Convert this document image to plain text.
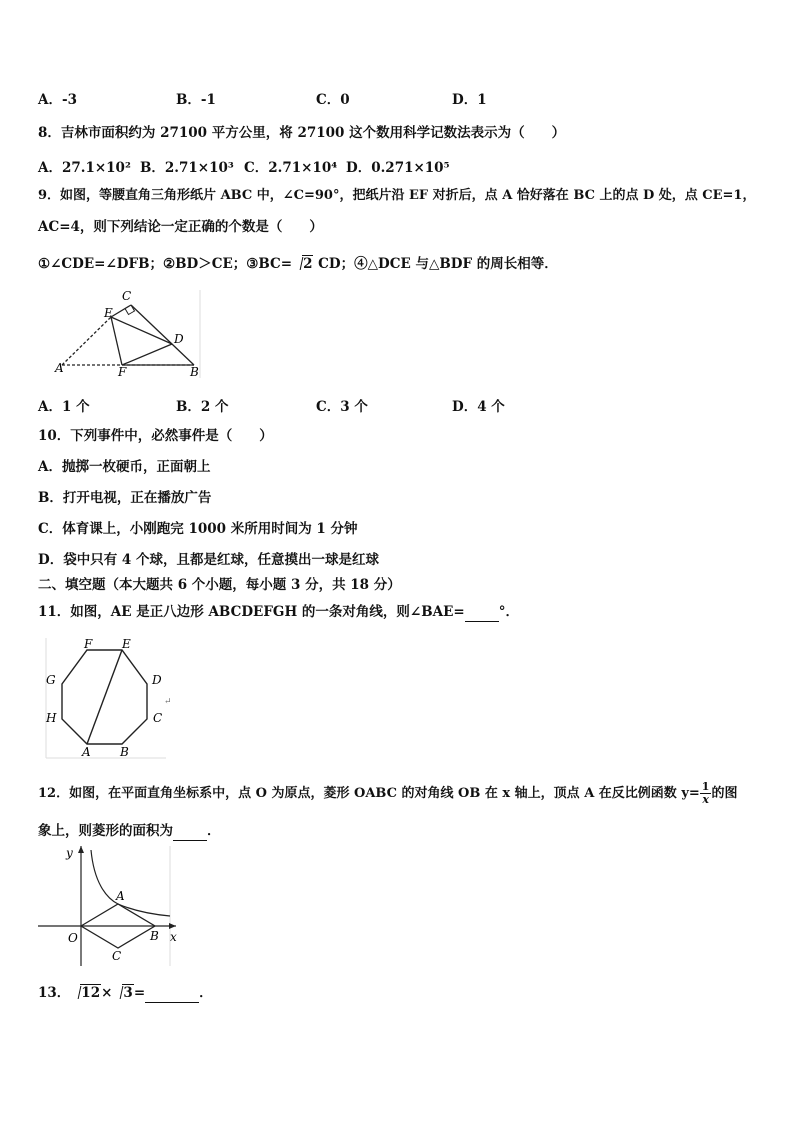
A．-3	B．-1	C．0	D．1
8．吉林市面积约为 27100 平方公里，将 27100 这个数用科学记数法表示为（　　）
A．27.1×10² B．2.71×10³ C．2.71×10⁴ D．0.271×10⁵
9．如图，等腰直角三角形纸片 ABC 中，∠C=90°，把纸片沿 EF 对折后，点 A 恰好落在 BC 上的点 D 处，点 CE=1，
AC=4，则下列结论一定正确的个数是（　　）
①∠CDE=∠DFB；②BD＞CE；③BC= 2 CD；④△DCE 与△BDF 的周长相等．
C
E
D
A	F	B
A．1 个	B．2 个	C．3 个	D．4 个
10．下列事件中，必然事件是（　　）
A．抛掷一枚硬币，正面朝上
B．打开电视，正在播放广告
C．体育课上，小刚跑完 1000 米所用时间为 1 分钟
D．袋中只有 4 个球，且都是红球，任意摸出一球是红球
二、填空题（本大题共 6 个小题，每小题 3 分，共 18 分）
11．如图，AE 是正八边形 ABCDEFGH 的一条对角线，则∠BAE=	°．
A B
C
D
E
F
G
H
↵
12．如图，在平面直角坐标系中，点 O 为原点，菱形 OABC 的对角线 OB 在 x 轴上，顶点 A 在反比例函数 $y= \frac{1}{x}$ 的图
象上，则菱形的面积为	．
y
x
O
A
B
C
13． 12× 3=	．
